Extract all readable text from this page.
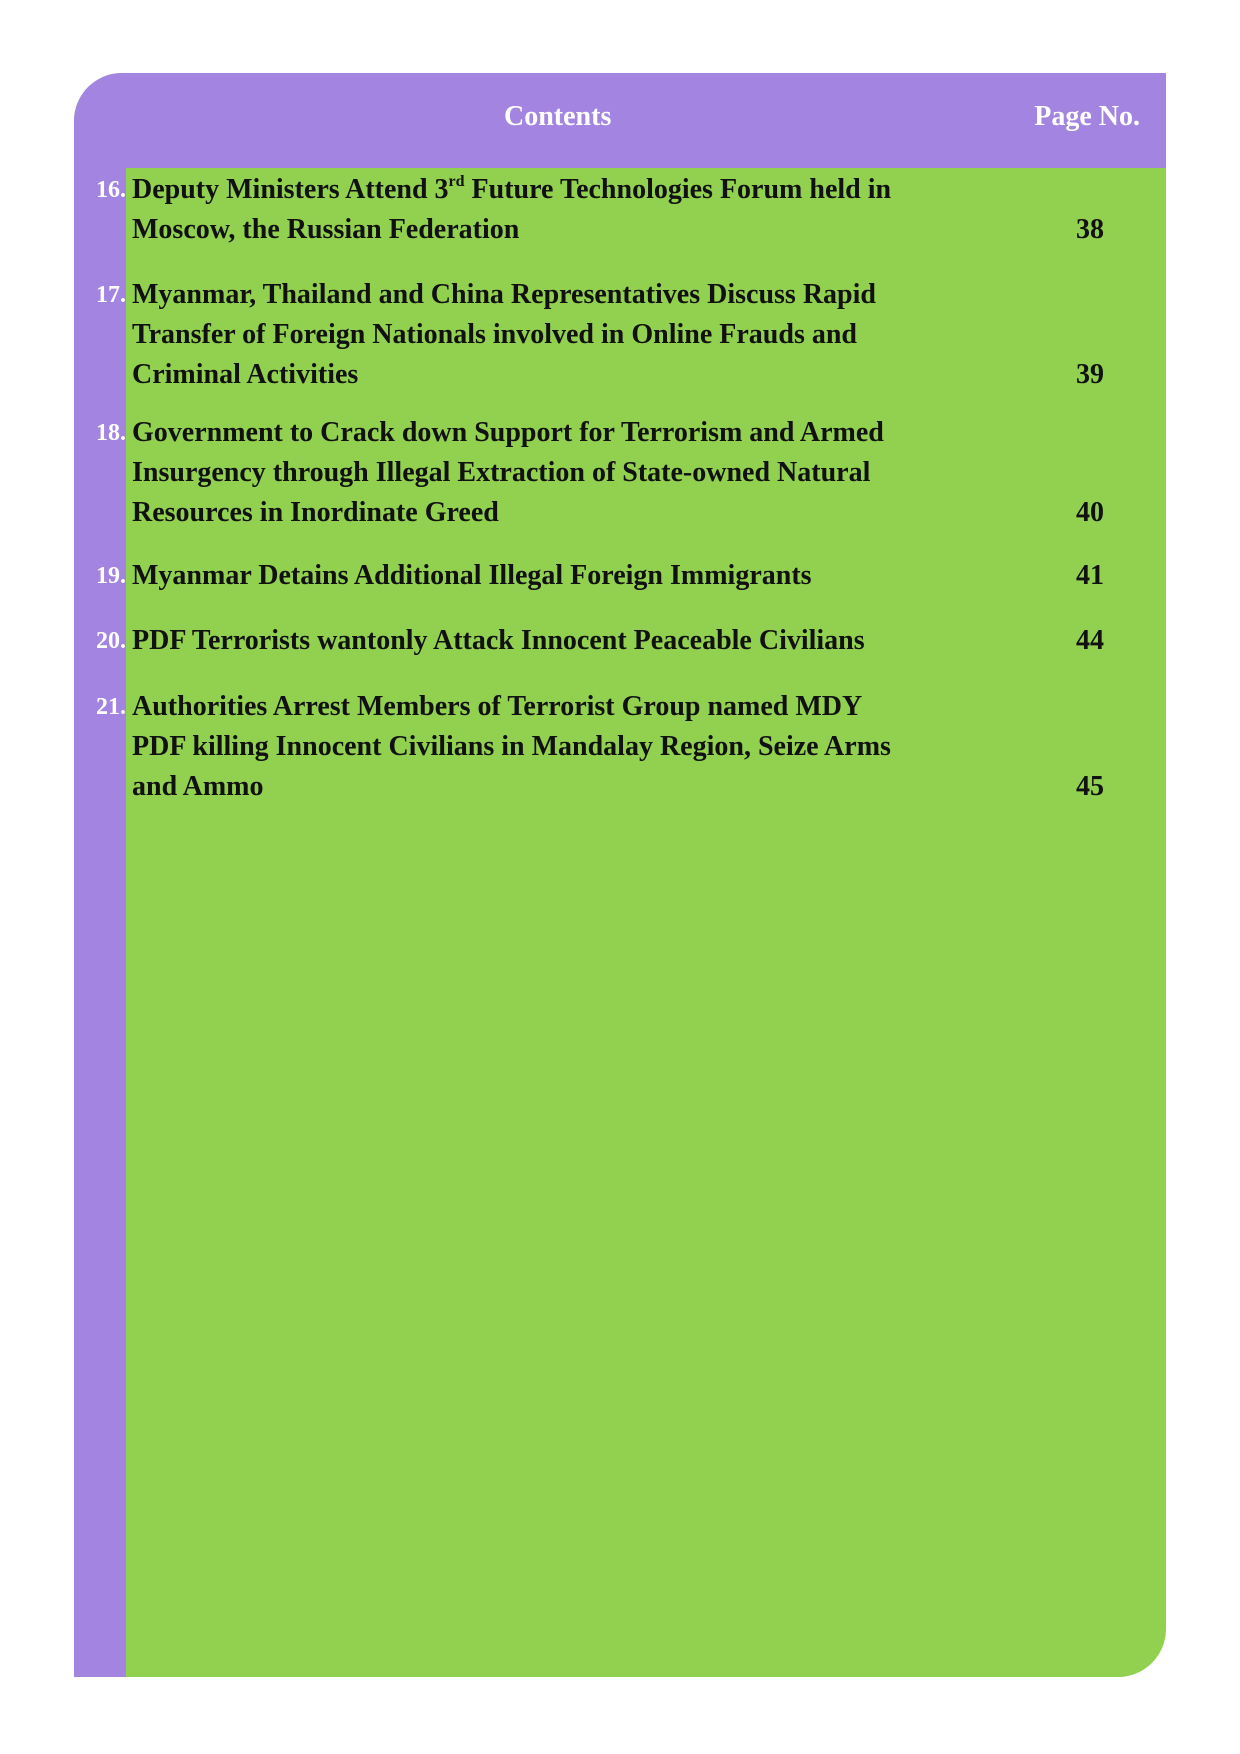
Contents	Page No.
16. Deputy Ministers Attend 3rd Future Technologies Forum held in
Moscow, the Russian Federation	38
17. Myanmar, Thailand and China Representatives Discuss Rapid
Transfer of Foreign Nationals involved in Online Frauds and
Criminal Activities	39
18. Government to Crack down Support for Terrorism and Armed
Insurgency through Illegal Extraction of State-owned Natural
Resources in Inordinate Greed	40
19. Myanmar Detains Additional Illegal Foreign Immigrants	41
20. PDF Terrorists wantonly Attack Innocent Peaceable Civilians	44
21. Authorities Arrest Members of Terrorist Group named MDY
PDF killing Innocent Civilians in Mandalay Region, Seize Arms
and Ammo	45
